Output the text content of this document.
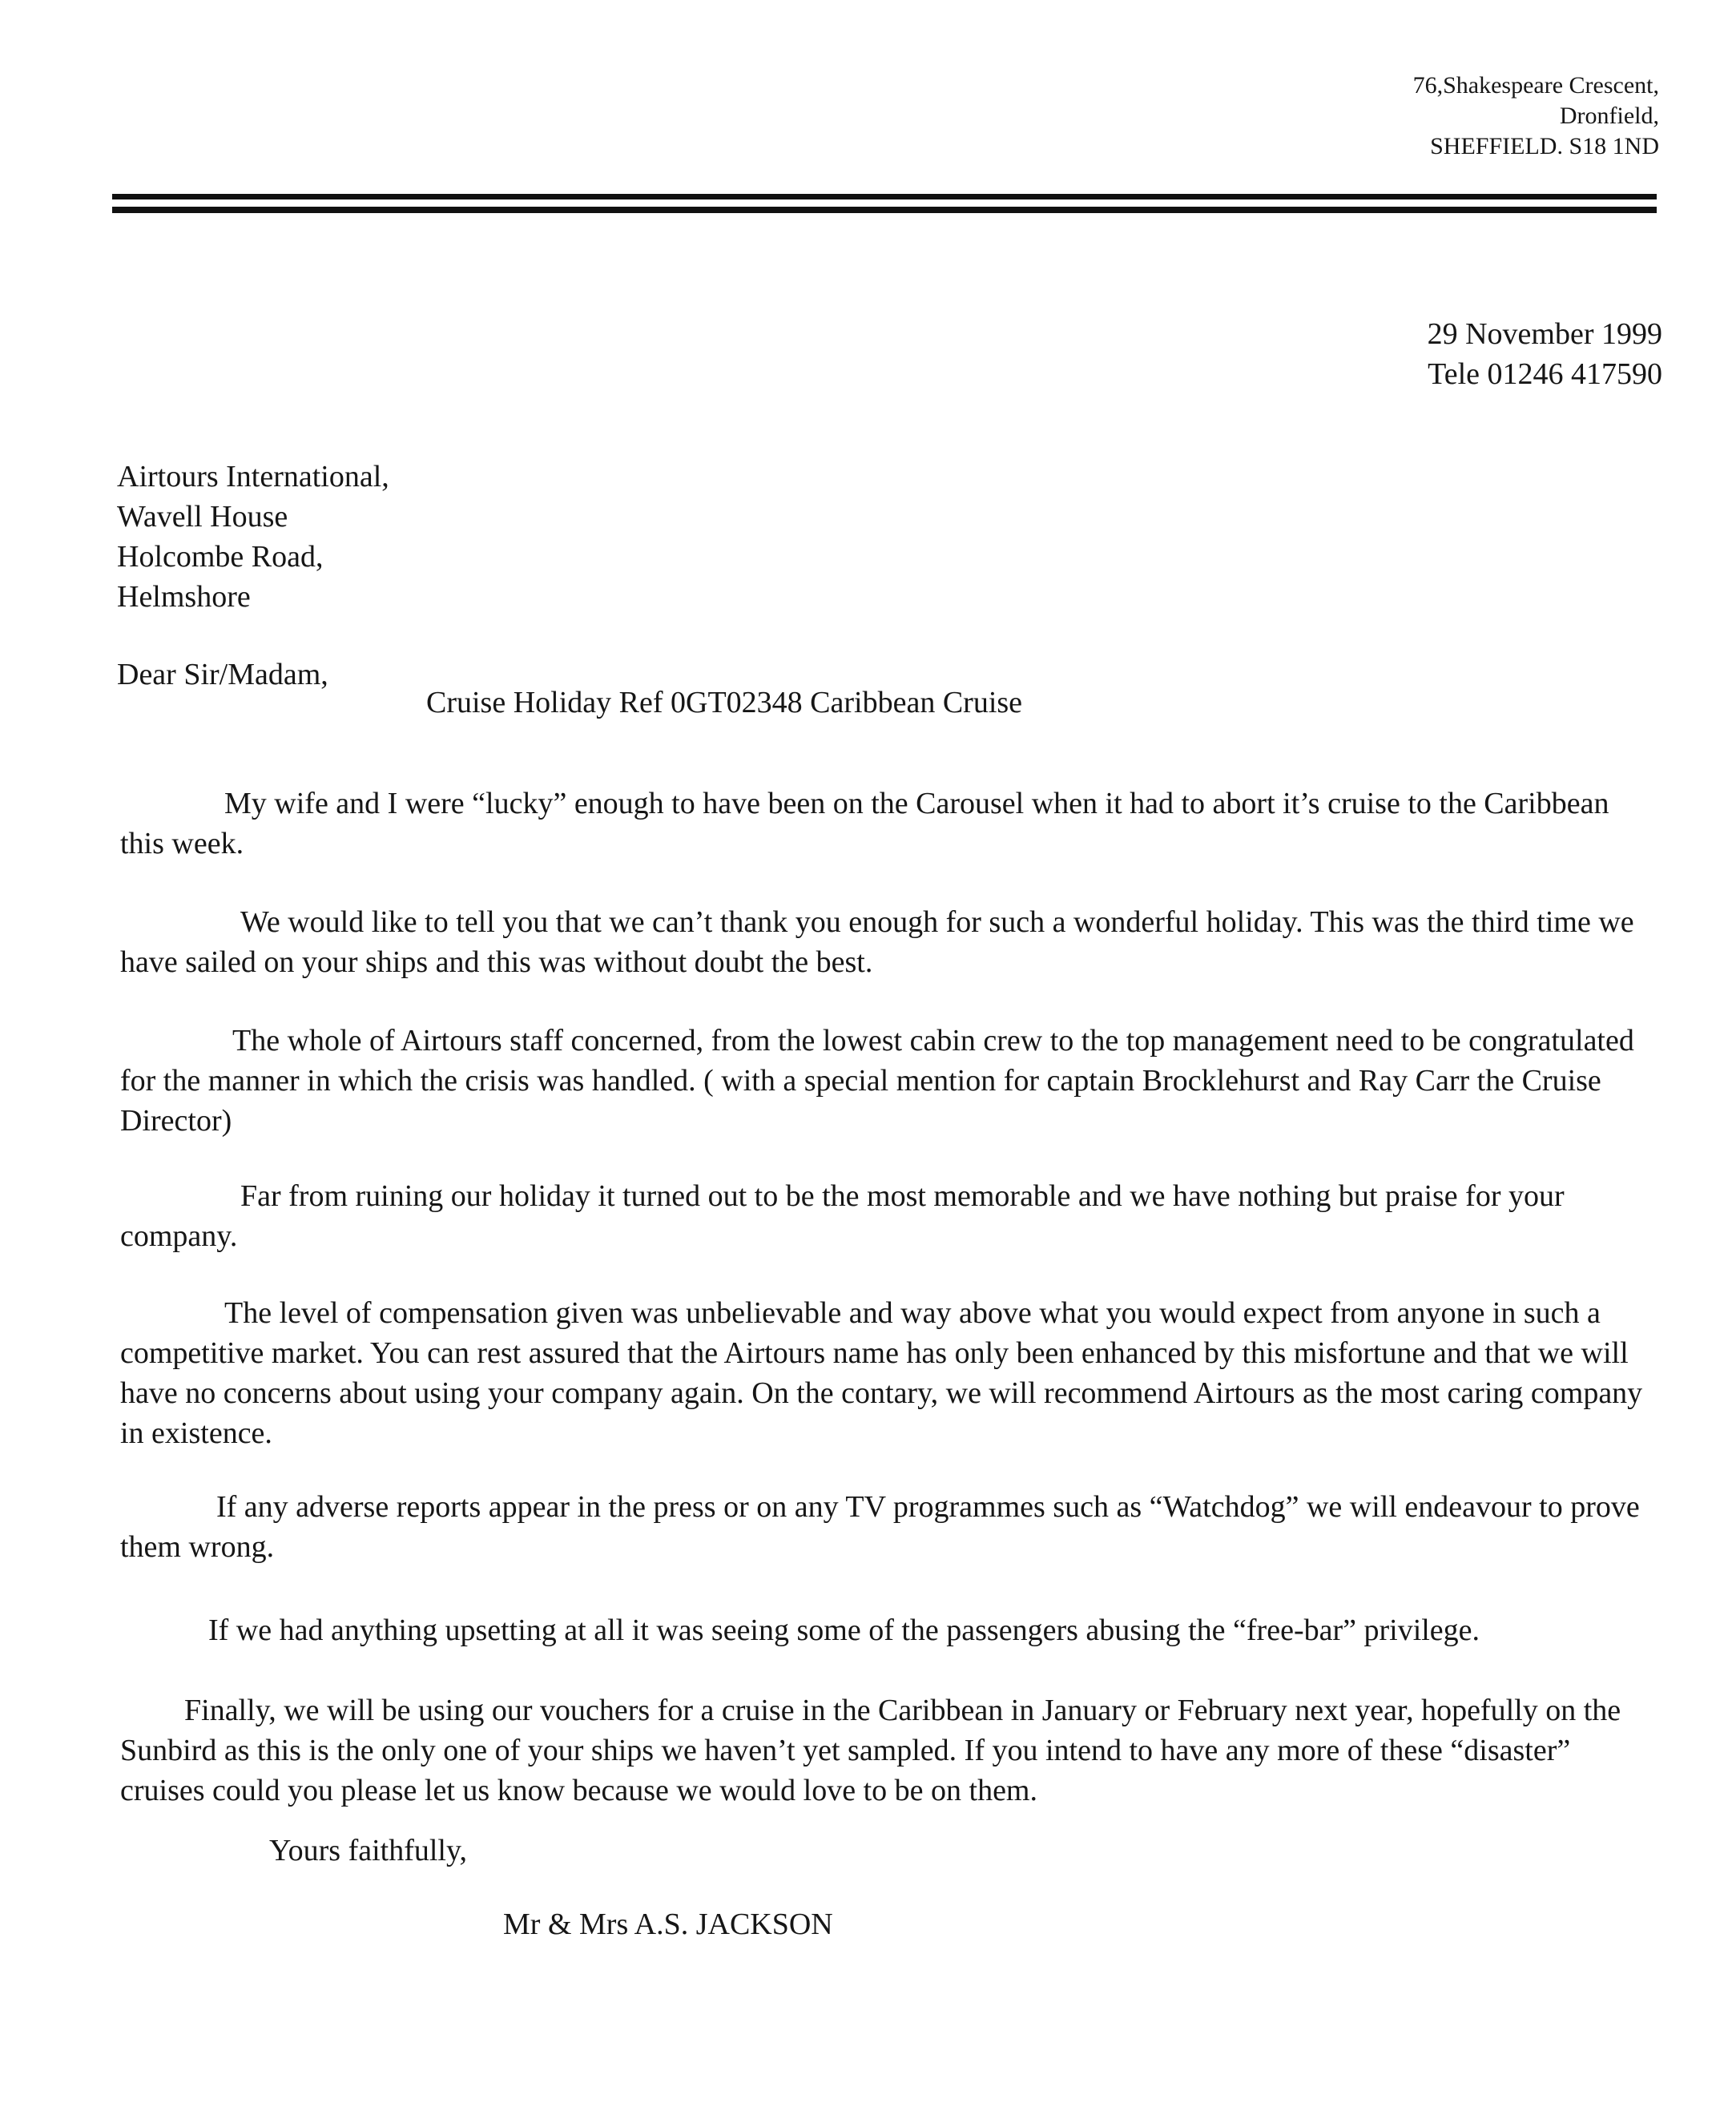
76,Shakespeare Crescent,
Dronfield,
SHEFFIELD. S18 1ND
29 November 1999
Tele 01246 417590
Airtours International,
Wavell House
Holcombe Road,
Helmshore
Dear Sir/Madam,
Cruise Holiday Ref 0GT02348 Caribbean Cruise

My wife and I were “lucky” enough to have been on the Carousel when it had to abort it’s cruise to the Caribbean this week.

We would like to tell you that we can’t thank you enough for such a wonderful holiday. This was the third time we have sailed on your ships and this was without doubt the best.

The whole of Airtours staff concerned, from the lowest cabin crew to the top management need to be congratulated for the manner in which the crisis was handled. ( with a special mention for captain Brocklehurst and Ray Carr the Cruise Director)

Far from ruining our holiday it turned out to be the most memorable and we have nothing but praise for your company.

The level of compensation given was unbelievable and way above what you would expect from anyone in such a competitive market. You can rest assured that the Airtours name has only been enhanced by this misfortune and that we will have no concerns about using your company again. On the contary, we will recommend Airtours as the most caring company in existence.

If any adverse reports appear in the press or on any TV programmes such as “Watchdog” we will endeavour to prove them wrong.

If we had anything upsetting at all it was seeing some of the passengers abusing the “free-bar” privilege.

Finally, we will be using our vouchers for a cruise in the Caribbean in January or February next year, hopefully on the Sunbird as this is the only one of your ships we haven’t yet sampled. If you intend to have any more of these “disaster” cruises could you please let us know because we would love to be on them.

Yours faithfully,
Mr & Mrs A.S. JACKSON
